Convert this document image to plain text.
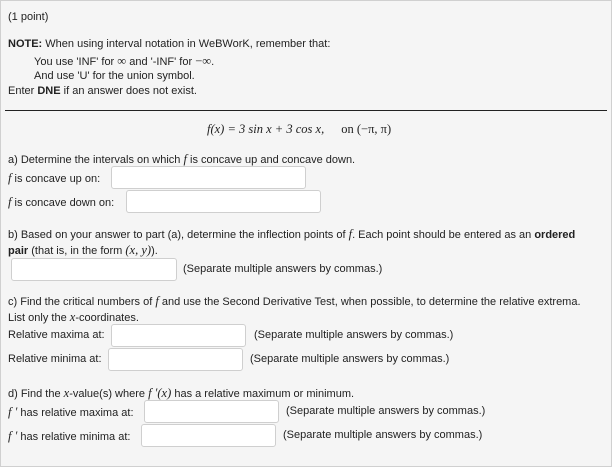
(1 point)
NOTE: When using interval notation in WeBWorK, remember that:
You use 'INF' for ∞ and '-INF' for −∞.
And use 'U' for the union symbol.
Enter DNE if an answer does not exist.
f(x) = 3 sin x + 3 cos x, on (−π, π)
a) Determine the intervals on which f is concave up and concave down.
f is concave up on:
f is concave down on:
b) Based on your answer to part (a), determine the inflection points of f. Each point should be entered as an ordered
pair (that is, in the form (x, y)).
(Separate multiple answers by commas.)
c) Find the critical numbers of f and use the Second Derivative Test, when possible, to determine the relative extrema.
List only the x-coordinates.
Relative maxima at:	(Separate multiple answers by commas.)
Relative minima at:	(Separate multiple answers by commas.)
d) Find the x-value(s) where f ′(x) has a relative maximum or minimum.
f ′ has relative maxima at:	(Separate multiple answers by commas.)
f ′ has relative minima at:	(Separate multiple answers by commas.)
